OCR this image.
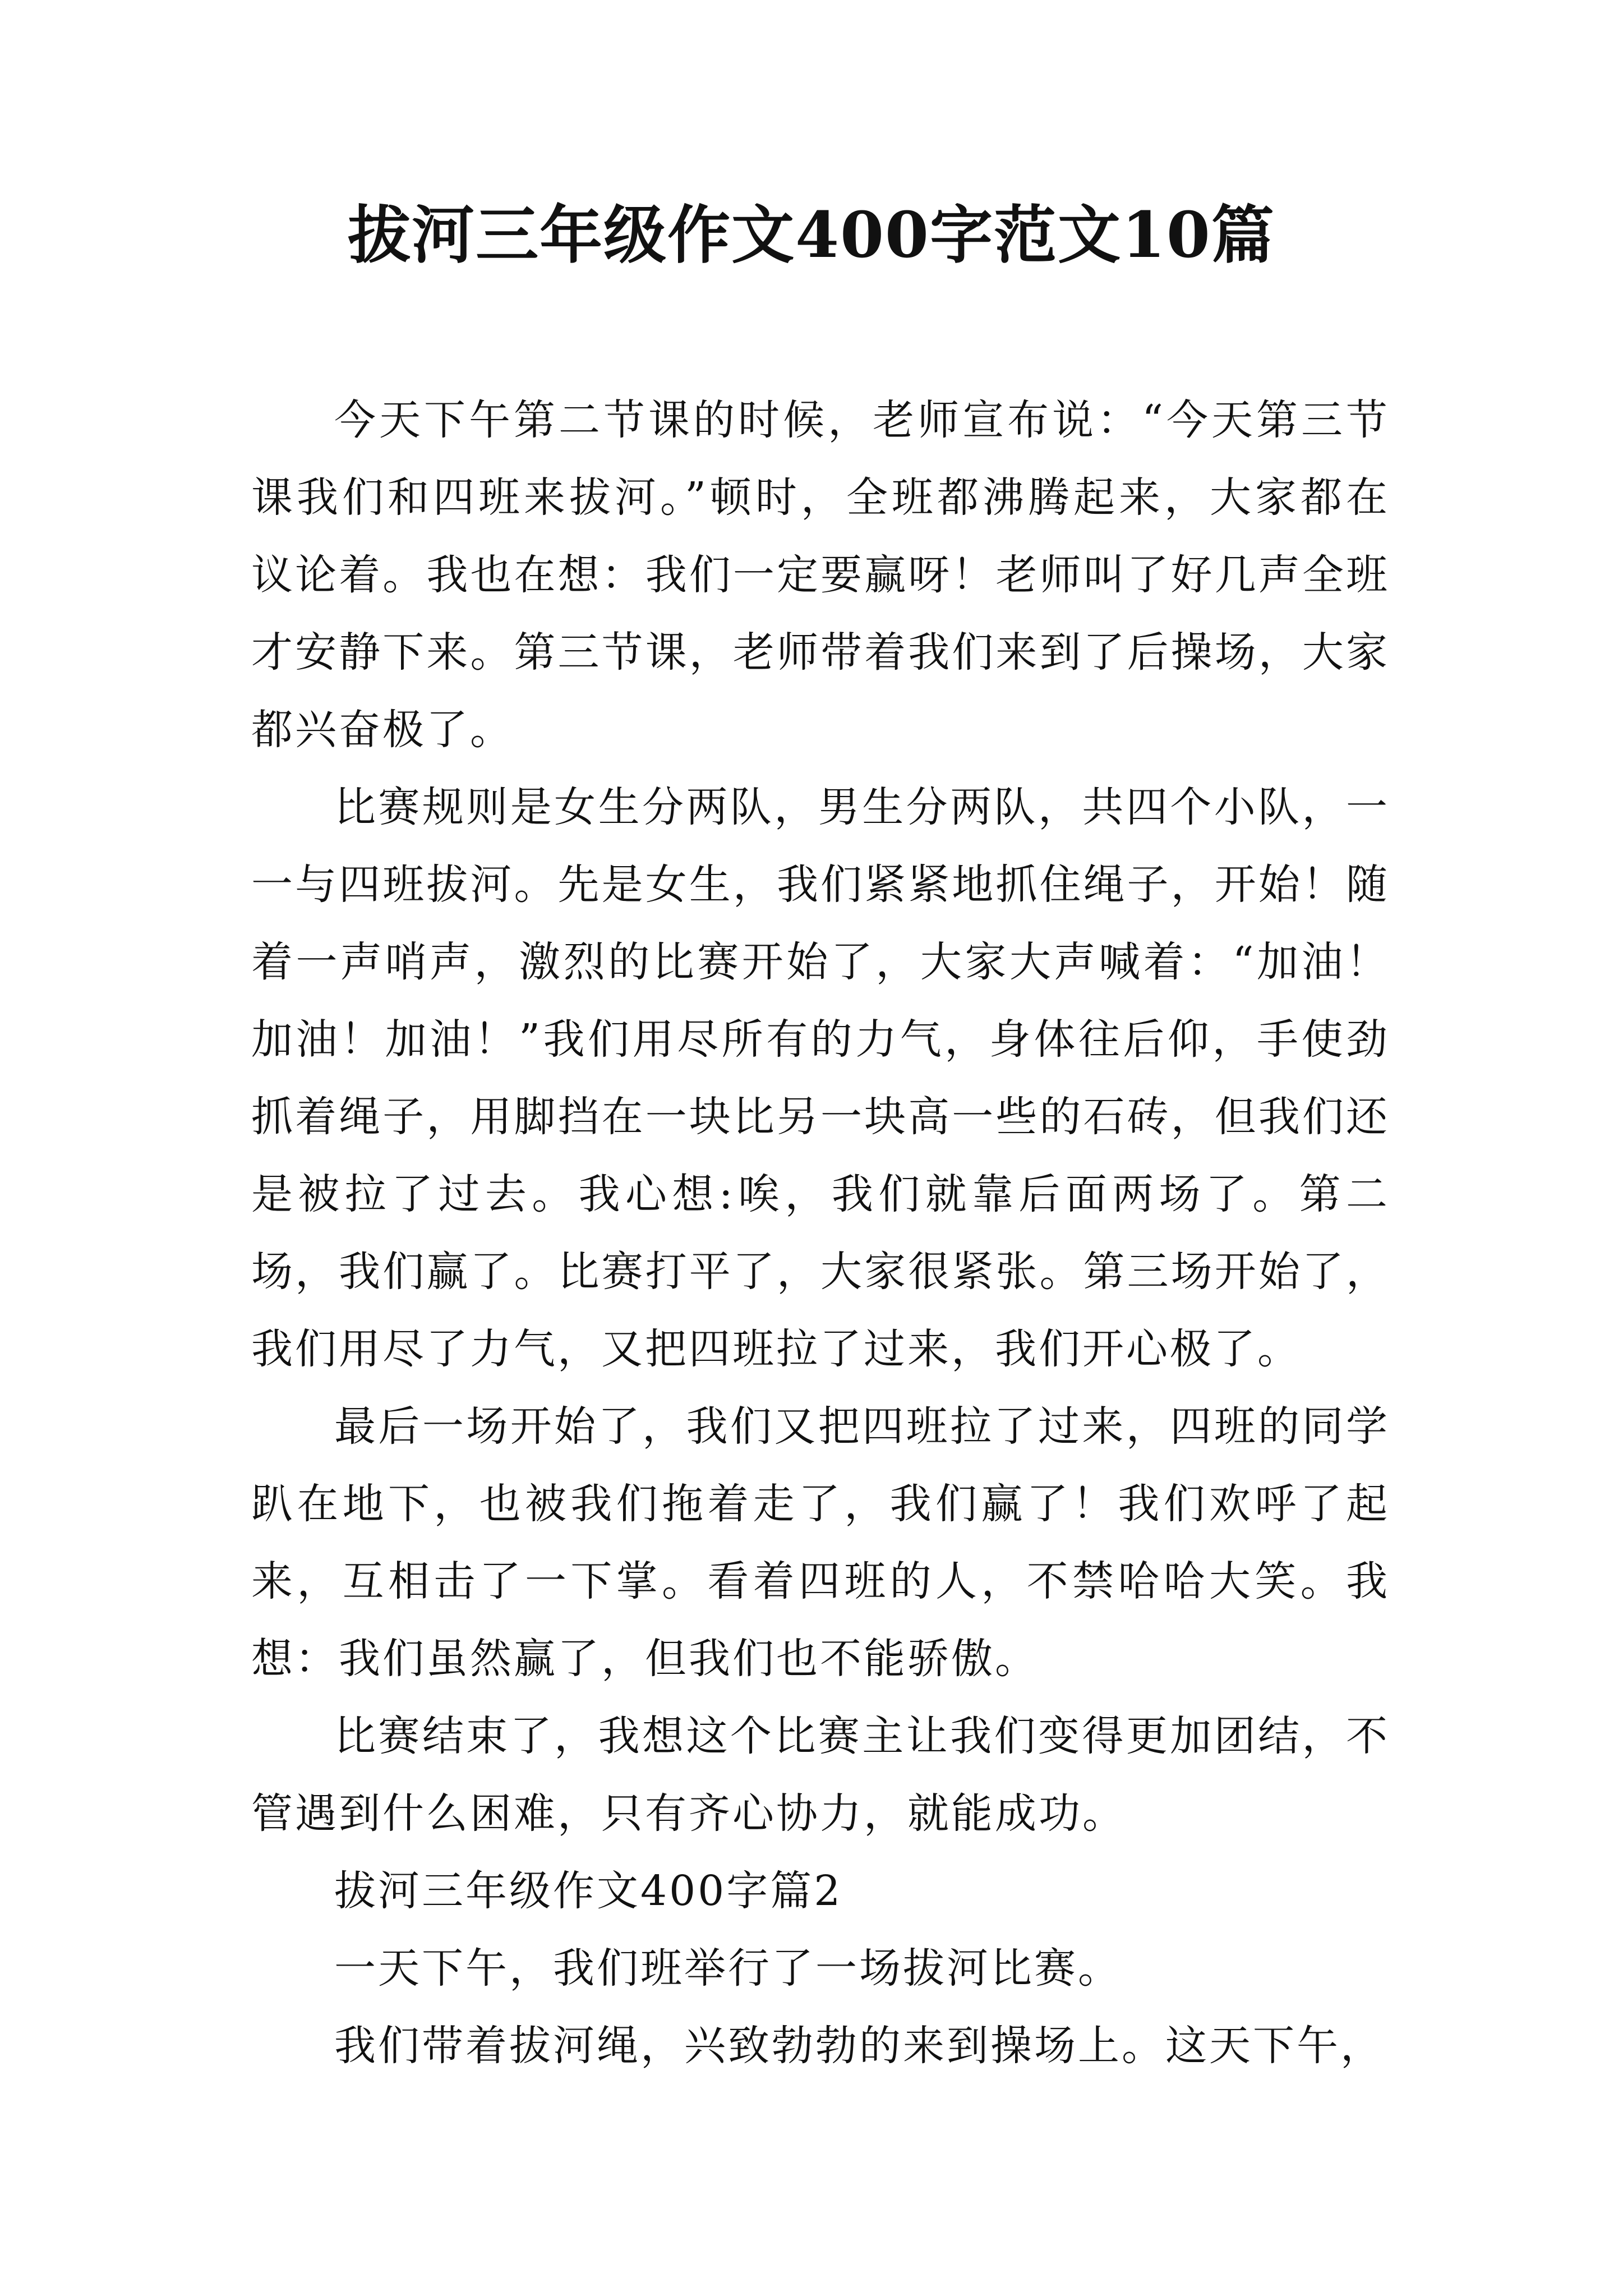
拔河三年级作文400字范文10篇

今天下午第二节课的时候，老师宣布说：“今天第三节课我们和四班来拔河。”顿时，全班都沸腾起来，大家都在议论着。我也在想：我们一定要赢呀！老师叫了好几声全班才安静下来。第三节课，老师带着我们来到了后操场，大家都兴奋极了。

比赛规则是女生分两队，男生分两队，共四个小队，一一与四班拔河。先是女生，我们紧紧地抓住绳子，开始！随着一声哨声，激烈的比赛开始了，大家大声喊着：“加油！加油！加油！”我们用尽所有的力气，身体往后仰，手使劲抓着绳子，用脚挡在一块比另一块高一些的石砖，但我们还是被拉了过去。我心想:唉，我们就靠后面两场了。第二场，我们赢了。比赛打平了，大家很紧张。第三场开始了，我们用尽了力气，又把四班拉了过来，我们开心极了。

最后一场开始了，我们又把四班拉了过来，四班的同学趴在地下，也被我们拖着走了，我们赢了！我们欢呼了起来，互相击了一下掌。看着四班的人，不禁哈哈大笑。我想：我们虽然赢了，但我们也不能骄傲。

比赛结束了，我想这个比赛主让我们变得更加团结，不管遇到什么困难，只有齐心协力，就能成功。

拔河三年级作文400字篇2

一天下午，我们班举行了一场拔河比赛。

我们带着拔河绳，兴致勃勃的来到操场上。这天下午，
